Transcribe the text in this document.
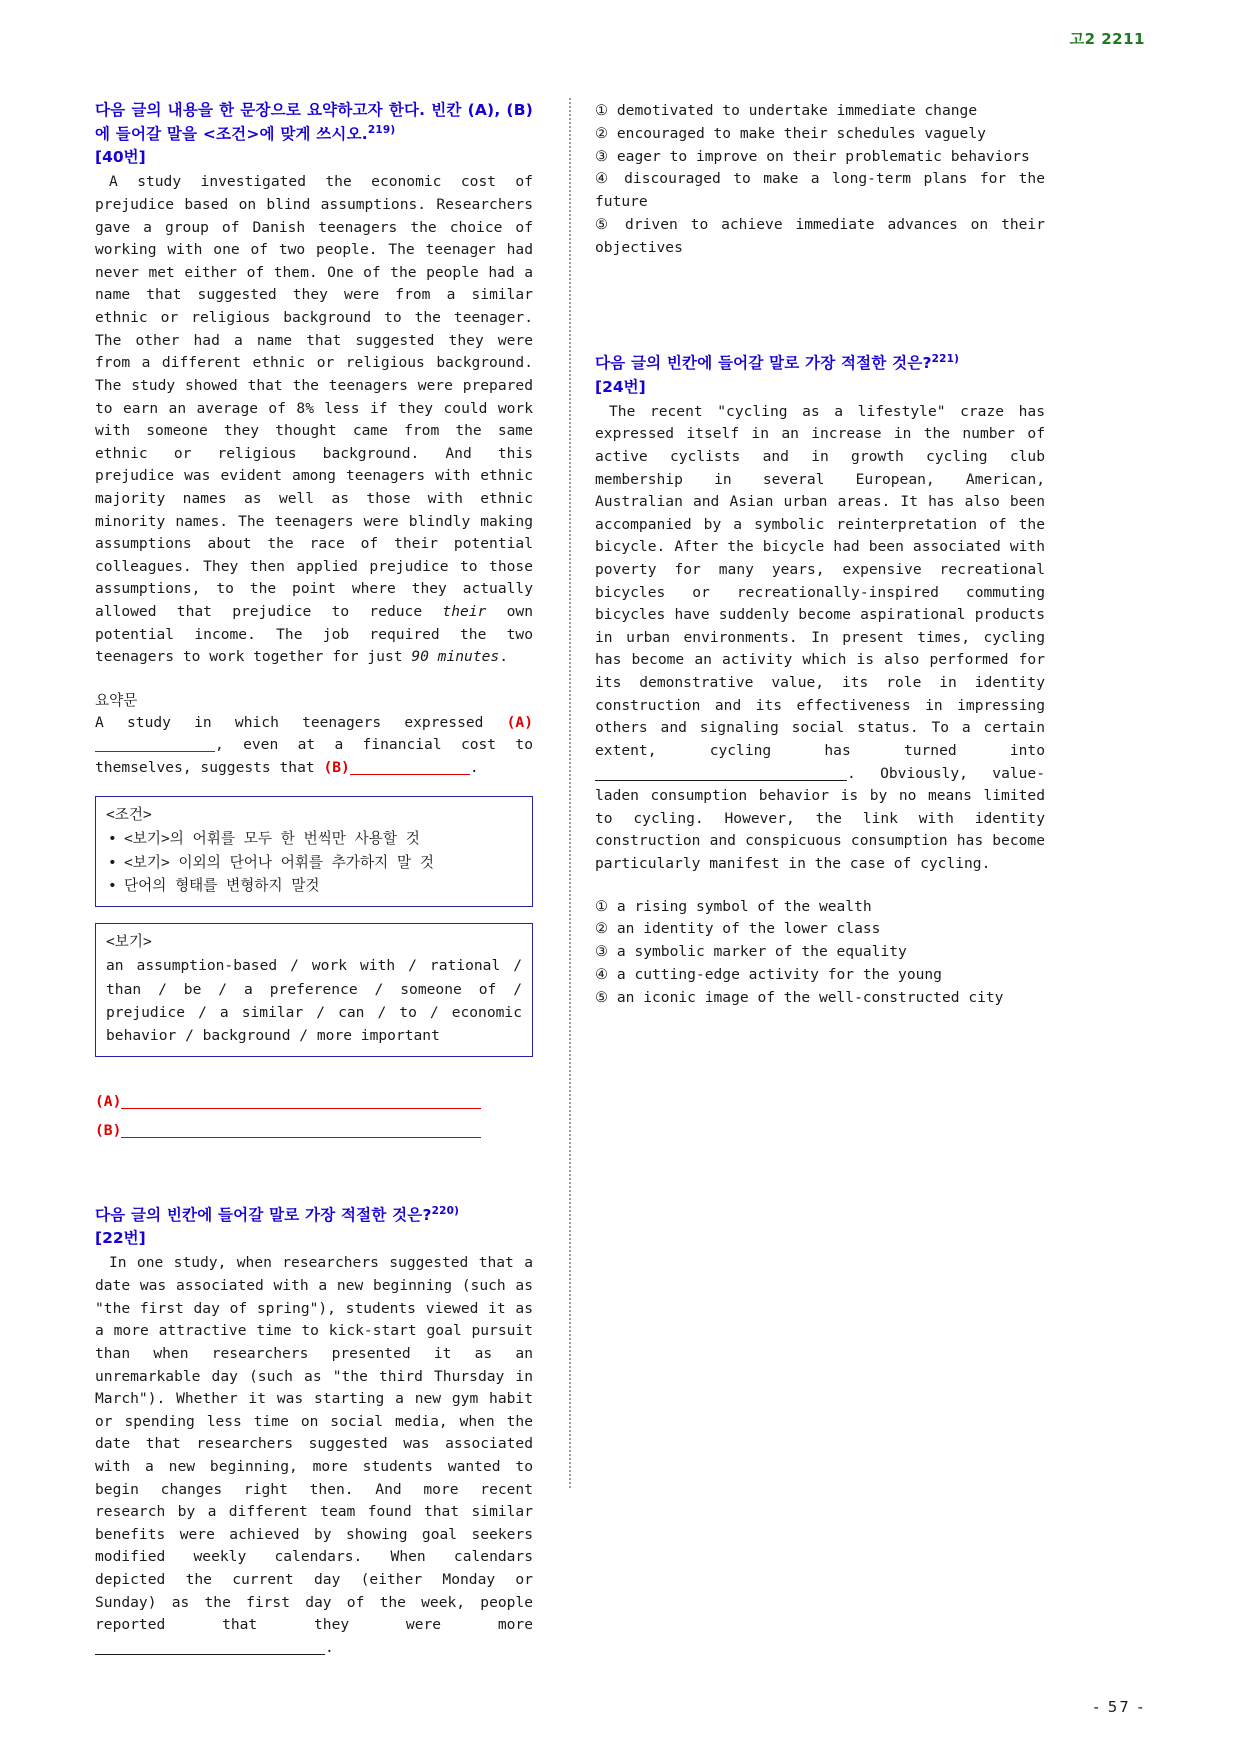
고2 2211
다음 글의 내용을 한 문장으로 요약하고자 한다. 빈칸 (A), (B)에 들어갈 말을 <조건>에 맞게 쓰시오.$^{219)}$
[40번]
A study investigated the economic cost of prejudice based on blind assumptions. Researchers gave a group of Danish teenagers the choice of working with one of two people. The teenager had never met either of them. One of the people had a name that suggested they were from a similar ethnic or religious background to the teenager. The other had a name that suggested they were from a different ethnic or religious background. The study showed that the teenagers were prepared to earn an average of 8% less if they could work with someone they thought came from the same ethnic or religious background. And this prejudice was evident among teenagers with ethnic majority names as well as those with ethnic minority names. The teenagers were blindly making assumptions about the race of their potential colleagues. They then applied prejudice to those assumptions, to the point where they actually allowed that prejudice to reduce their own potential income. The job required the two teenagers to work together for just 90 minutes.
요약문
A study in which teenagers expressed (A), even at a financial cost to themselves, suggests that (B)	.
<조건>
• <보기>의 어휘를 모두 한 번씩만 사용할 것
• <보기> 이외의 단어나 어휘를 추가하지 말 것
• 단어의 형태를 변형하지 말것
<보기>
an assumption-based / work with / rational / than / be / a preference / someone of / prejudice / a similar / can / to / economic behavior / background / more important
(A)
(B)
다음 글의 빈칸에 들어갈 말로 가장 적절한 것은?$^{220)}$
[22번]
In one study, when researchers suggested that a date was associated with a new beginning (such as "the first day of spring"), students viewed it as a more attractive time to kick-start goal pursuit than when researchers presented it as an unremarkable day (such as "the third Thursday in March"). Whether it was starting a new gym habit or spending less time on social media, when the date that researchers suggested was associated with a new beginning, more students wanted to begin changes right then. And more recent research by a different team found that similar benefits were achieved by showing goal seekers modified weekly calendars. When calendars depicted the current day (either Monday or Sunday) as the first day of the week, people reported that they were more .
① demotivated to undertake immediate change
② encouraged to make their schedules vaguely
③ eager to improve on their problematic behaviors
④ discouraged to make a long-term plans for the future
⑤ driven to achieve immediate advances on their objectives
다음 글의 빈칸에 들어갈 말로 가장 적절한 것은?$^{221)}$
[24번]
The recent "cycling as a lifestyle" craze has expressed itself in an increase in the number of active cyclists and in growth cycling club membership in several European, American, Australian and Asian urban areas. It has also been accompanied by a symbolic reinterpretation of the bicycle. After the bicycle had been associated with poverty for many years, expensive recreational bicycles or recreationally-inspired commuting bicycles have suddenly become aspirational products in urban environments. In present times, cycling has become an activity which is also performed for its demonstrative value, its role in identity construction and its effectiveness in impressing others and signaling social status. To a certain extent, cycling has turned into . Obviously, value-laden consumption behavior is by no means limited to cycling. However, the link with identity construction and conspicuous consumption has become particularly manifest in the case of cycling.
① a rising symbol of the wealth
② an identity of the lower class
③ a symbolic marker of the equality
④ a cutting-edge activity for the young
⑤ an iconic image of the well-constructed city
- 57 -
